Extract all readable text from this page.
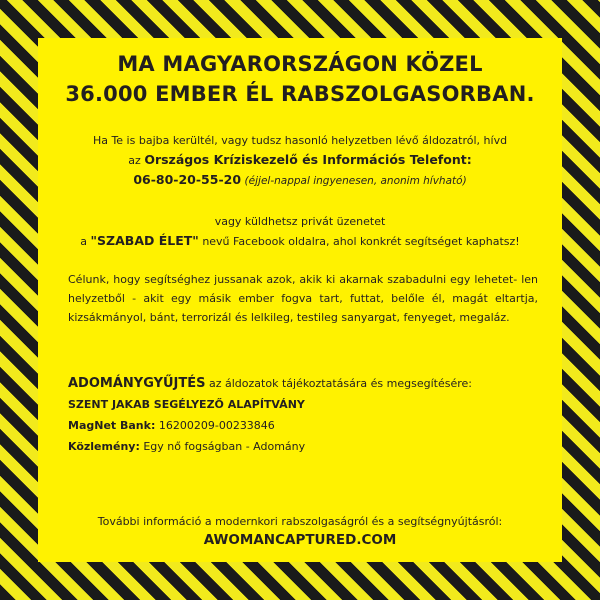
MA MAGYARORSZÁGON KÖZEL
36.000 EMBER ÉL RABSZOLGASORBAN.
Ha Te is bajba kerültél, vagy tudsz hasonló helyzetben lévő áldozatról, hívd
az Országos Kríziskezelő és Információs Telefont:
06-80-20-55-20 (éjjel-nappal ingyenesen, anonim hívható)
vagy küldhetsz privát üzenetet
a "SZABAD ÉLET" nevű Facebook oldalra, ahol konkrét segítséget kaphatsz!
Célunk, hogy segítséghez jussanak azok, akik ki akarnak szabadulni egy lehetet- len helyzetből - akit egy másik ember fogva tart, futtat, belőle él, magát eltartja, kizsákmányol, bánt, terrorizál és lelkileg, testileg sanyargat, fenyeget, megaláz.
ADOMÁNYGYŰJTÉS az áldozatok tájékoztatására és megsegítésére:
SZENT JAKAB SEGÉLYEZŐ ALAPÍTVÁNY
MagNet Bank: 16200209-00233846
Közlemény: Egy nő fogságban - Adomány
További információ a modernkori rabszolgaságról és a segítségnyújtásról:
AWOMANCAPTURED.COM
